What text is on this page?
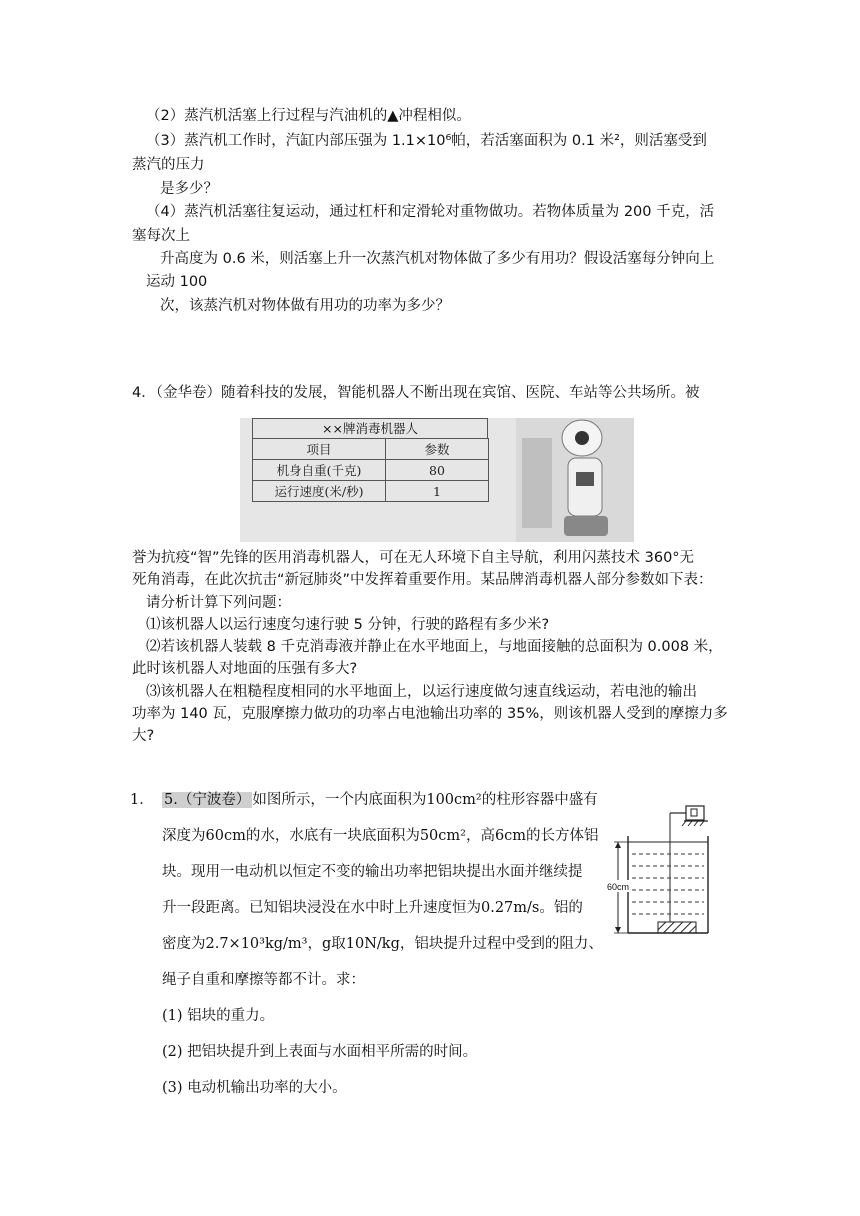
（2）蒸汽机活塞上行过程与汽油机的▲冲程相似。
（3）蒸汽机工作时，汽缸内部压强为 1.1×10⁶帕，若活塞面积为 0.1 米²，则活塞受到
蒸汽的压力
是多少？
（4）蒸汽机活塞往复运动，通过杠杆和定滑轮对重物做功。若物体质量为 200 千克，活
塞每次上
升高度为 0.6 米，则活塞上升一次蒸汽机对物体做了多少有用功？假设活塞每分钟向上
运动 100
次，该蒸汽机对物体做有用功的功率为多少？
4．（金华卷）随着科技的发展，智能机器人不断出现在宾馆、医院、车站等公共场所。被
××牌消毒机器人
项目	参数
机身自重(千克)	80
运行速度(米/秒)	1
誉为抗疫“智”先锋的医用消毒机器人，可在无人环境下自主导航，利用闪蒸技术 360°无
死角消毒，在此次抗击“新冠肺炎”中发挥着重要作用。某品牌消毒机器人部分参数如下表：
请分析计算下列问题：
⑴该机器人以运行速度匀速行驶 5 分钟，行驶的路程有多少米?
⑵若该机器人装载 8 千克消毒液并静止在水平地面上，与地面接触的总面积为 0.008 米，
此时该机器人对地面的压强有多大?
⑶该机器人在粗糙程度相同的水平地面上，以运行速度做匀速直线运动，若电池的输出
功率为 140 瓦，克服摩擦力做功的功率占电池输出功率的 35%，则该机器人受到的摩擦力多
大?
1． 5.（宁波卷） 如图所示，一个内底面积为100cm²的柱形容器中盛有
深度为60cm的水，水底有一块底面积为50cm²，高6cm的长方体铝
块。现用一电动机以恒定不变的输出功率把铝块提出水面并继续提
升一段距离。已知铝块浸没在水中时上升速度恒为0.27m/s。铝的
密度为2.7×10³kg/m³，g取10N/kg，铝块提升过程中受到的阻力、
绳子自重和摩擦等都不计。求：
(1) 铝块的重力。
(2) 把铝块提升到上表面与水面相平所需的时间。
(3) 电动机输出功率的大小。
60cm
